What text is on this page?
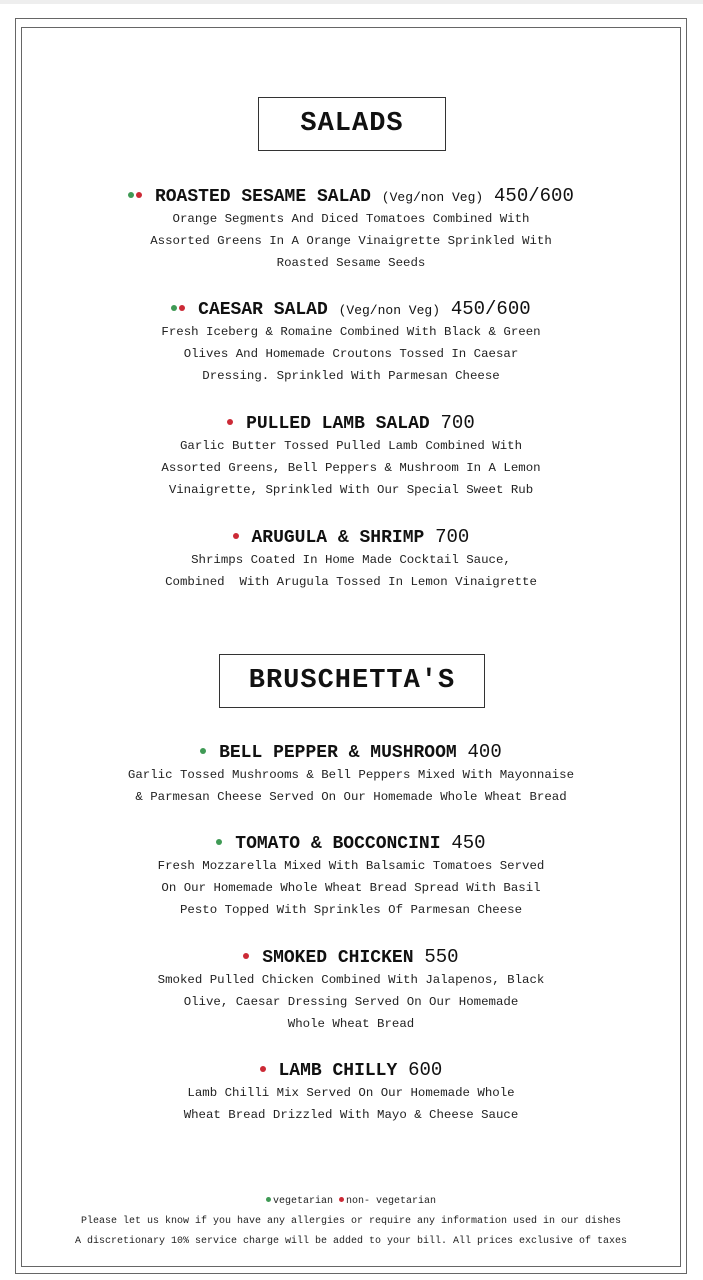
SALADS
BRUSCHETTA'S
ROASTED SESAME SALAD (Veg/non Veg) 450/600
Orange Segments And Diced Tomatoes Combined With
Assorted Greens In A Orange Vinaigrette Sprinkled With
Roasted Sesame Seeds
CAESAR SALAD (Veg/non Veg) 450/600
Fresh Iceberg & Romaine Combined With Black & Green
Olives And Homemade Croutons Tossed In Caesar
Dressing. Sprinkled With Parmesan Cheese
PULLED LAMB SALAD 700
Garlic Butter Tossed Pulled Lamb Combined With
Assorted Greens, Bell Peppers & Mushroom In A Lemon
Vinaigrette, Sprinkled With Our Special Sweet Rub
ARUGULA & SHRIMP 700
Shrimps Coated In Home Made Cocktail Sauce,
Combined  With Arugula Tossed In Lemon Vinaigrette
BELL PEPPER & MUSHROOM 400
Garlic Tossed Mushrooms & Bell Peppers Mixed With Mayonnaise
& Parmesan Cheese Served On Our Homemade Whole Wheat Bread
TOMATO & BOCCONCINI 450
Fresh Mozzarella Mixed With Balsamic Tomatoes Served
On Our Homemade Whole Wheat Bread Spread With Basil
Pesto Topped With Sprinkles Of Parmesan Cheese
SMOKED CHICKEN 550
Smoked Pulled Chicken Combined With Jalapenos, Black
Olive, Caesar Dressing Served On Our Homemade
Whole Wheat Bread
LAMB CHILLY 600
Lamb Chilli Mix Served On Our Homemade Whole
Wheat Bread Drizzled With Mayo & Cheese Sauce
vegetarian non- vegetarian
Please let us know if you have any allergies or require any information used in our dishes
A discretionary 10% service charge will be added to your bill. All prices exclusive of taxes
